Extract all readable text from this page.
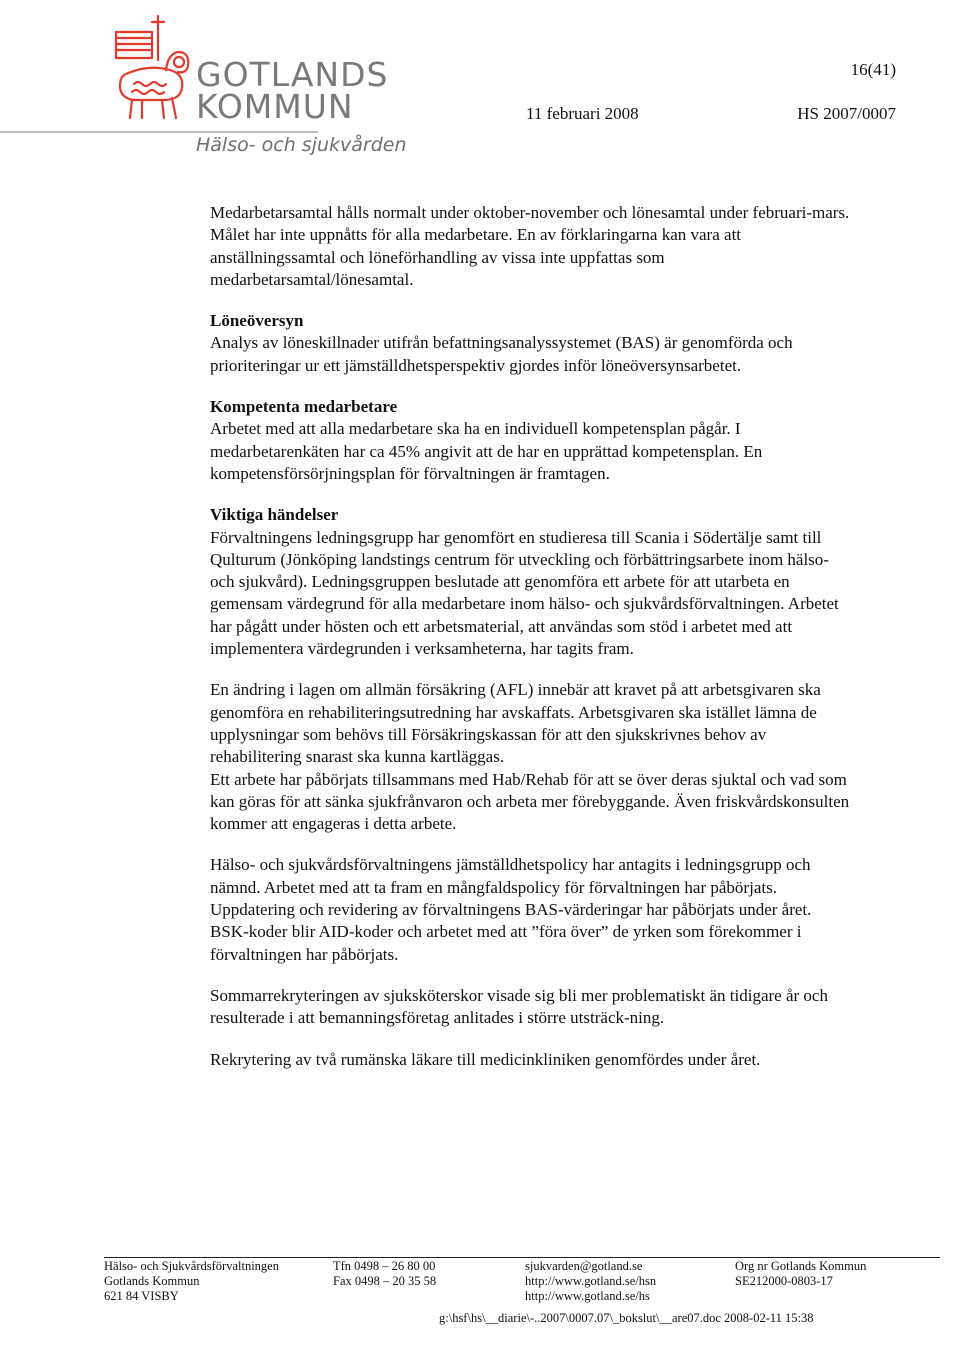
GOTLANDS
KOMMUN
Hälso- och sjukvården
16(41)
11 februari 2008	HS 2007/0007

Medarbetarsamtal hålls normalt under oktober-november och lönesamtal under februari-mars. Målet har inte uppnåtts för alla medarbetare. En av förklaringarna kan vara att anställningssamtal och löneförhandling av vissa inte uppfattas som medarbetarsamtal/lönesamtal.

Löneöversyn

Analys av löneskillnader utifrån befattningsanalyssystemet (BAS) är genomförda och prioriteringar ur ett jämställdhetsperspektiv gjordes inför löneöversynsarbetet.

Kompetenta medarbetare

Arbetet med att alla medarbetare ska ha en individuell kompetensplan pågår. I medarbetarenkäten har ca 45% angivit att de har en upprättad kompetensplan. En kompetensförsörjningsplan för förvaltningen är framtagen.

Viktiga händelser

Förvaltningens ledningsgrupp har genomfört en studieresa till Scania i Södertälje samt till Qulturum (Jönköping landstings centrum för utveckling och förbättringsarbete inom hälso- och sjukvård). Ledningsgruppen beslutade att genomföra ett arbete för att utarbeta en gemensam värdegrund för alla medarbetare inom hälso- och sjukvårdsförvaltningen. Arbetet har pågått under hösten och ett arbetsmaterial, att användas som stöd i arbetet med att implementera värdegrunden i verksamheterna, har tagits fram.

En ändring i lagen om allmän försäkring (AFL) innebär att kravet på att arbetsgivaren ska genomföra en rehabiliteringsutredning har avskaffats. Arbetsgivaren ska istället lämna de upplysningar som behövs till Försäkringskassan för att den sjukskrivnes behov av rehabilitering snarast ska kunna kartläggas.

Ett arbete har påbörjats tillsammans med Hab/Rehab för att se över deras sjuktal och vad som kan göras för att sänka sjukfrånvaron och arbeta mer förebyggande. Även friskvårdskonsulten kommer att engageras i detta arbete.

Hälso- och sjukvårdsförvaltningens jämställdhetspolicy har antagits i ledningsgrupp och nämnd. Arbetet med att ta fram en mångfaldspolicy för förvaltningen har påbörjats.

Uppdatering och revidering av förvaltningens BAS-värderingar har påbörjats under året. BSK-koder blir AID-koder och arbetet med att ”föra över” de yrken som förekommer i förvaltningen har påbörjats.

Sommarrekryteringen av sjuksköterskor visade sig bli mer problematiskt än tidigare år och resulterade i att bemanningsföretag anlitades i större utsträck-ning.

Rekrytering av två rumänska läkare till medicinkliniken genomfördes under året.

Hälso- och Sjukvårdsförvaltningen
Gotlands Kommun
621 84 VISBY
Tfn 0498 – 26 80 00
Fax 0498 – 20 35 58
sjukvarden@gotland.se
http://www.gotland.se/hsn
http://www.gotland.se/hs
Org nr Gotlands Kommun
SE212000-0803-17
g:\hsf\hs\__diarie\-..2007\0007.07\_bokslut\__are07.doc 2008-02-11 15:38
